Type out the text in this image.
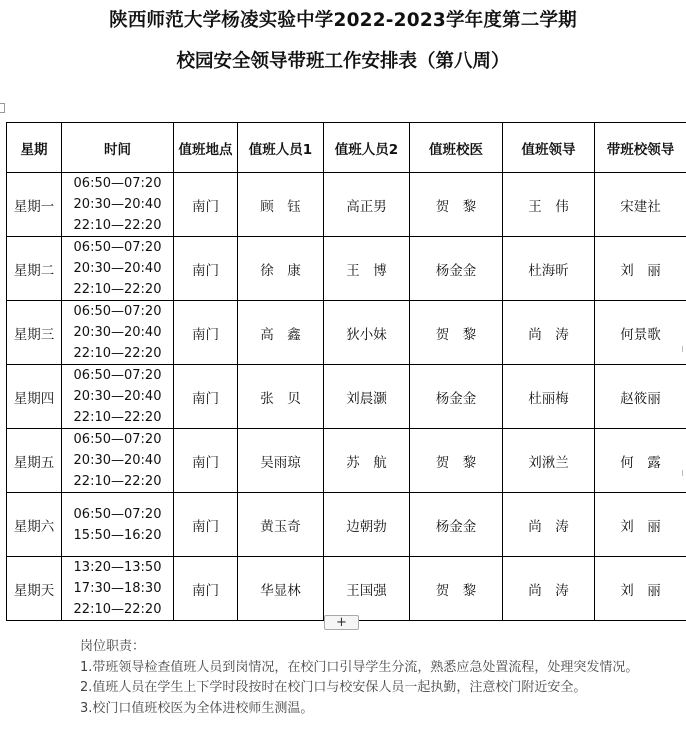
陕西师范大学杨凌实验中学2022-2023学年度第二学期
校园安全领导带班工作安排表（第八周）
星期	时间	值班地点	值班人员1	值班人员2	值班校医	值班领导	带班校领导
星期一	06:50—07:20
20:30—20:40
22:10—22:20	南门	顾　钰	高正男	贺　黎	王　伟	宋建社
星期二	06:50—07:20
20:30—20:40
22:10—22:20	南门	徐　康	王　博	杨金金	杜海昕	刘　丽
星期三	06:50—07:20
20:30—20:40
22:10—22:20	南门	高　鑫	狄小妹	贺　黎	尚　涛	何景歌
星期四	06:50—07:20
20:30—20:40
22:10—22:20	南门	张　贝	刘晨灏	杨金金	杜丽梅	赵筱丽
星期五	06:50—07:20
20:30—20:40
22:10—22:20	南门	吴雨琼	苏　航	贺　黎	刘湫兰	何　露
星期六	06:50—07:20
15:50—16:20	南门	黄玉奇	边朝勃	杨金金	尚　涛	刘　丽
星期天	13:20—13:50
17:30—18:30
22:10—22:20	南门	华显林	王国强	贺　黎	尚　涛	刘　丽
+
岗位职责：
1.带班领导检查值班人员到岗情况，在校门口引导学生分流，熟悉应急处置流程，处理突发情况。
2.值班人员在学生上下学时段按时在校门口与校安保人员一起执勤，注意校门附近安全。
3.校门口值班校医为全体进校师生测温。
